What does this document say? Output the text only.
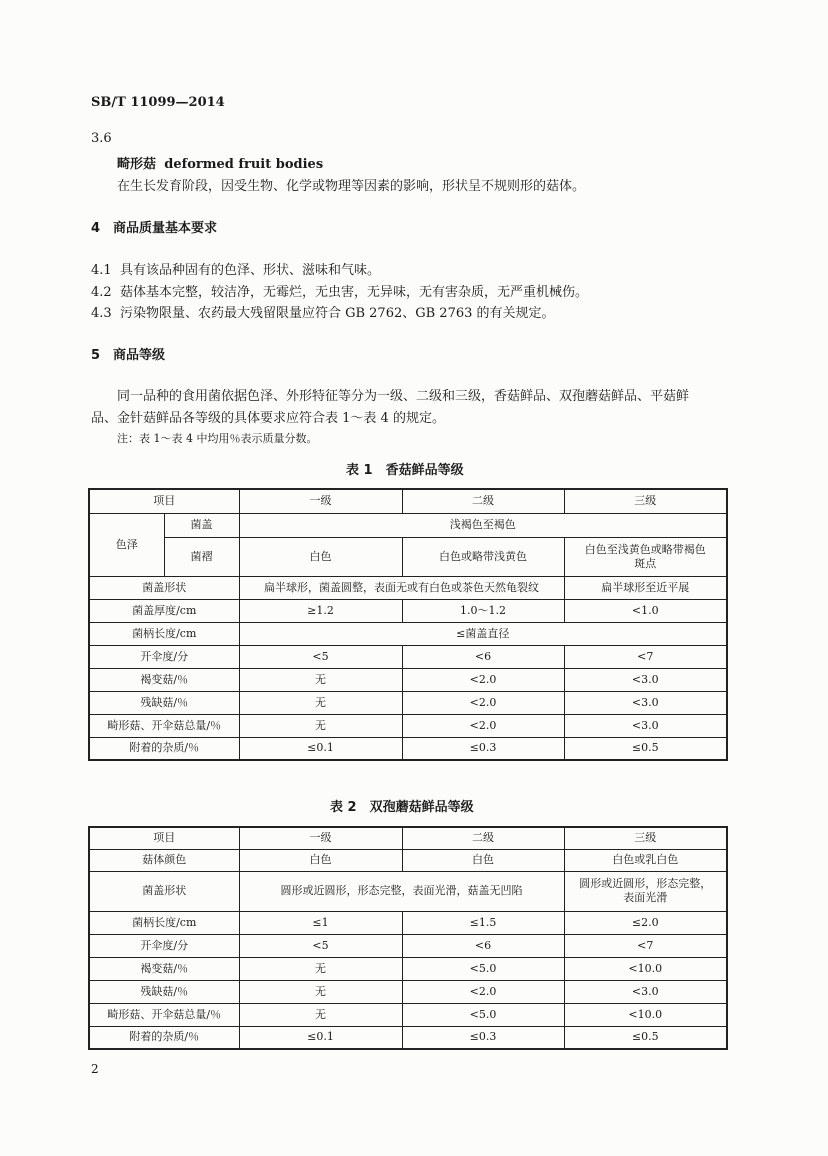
SB/T 11099—2014
3.6
畸形菇 deformed fruit bodies
在生长发育阶段，因受生物、化学或物理等因素的影响，形状呈不规则形的菇体。
4　商品质量基本要求
4.1 具有该品种固有的色泽、形状、滋味和气味。
4.2 菇体基本完整，较洁净，无霉烂，无虫害，无异味，无有害杂质，无严重机械伤。
4.3 污染物限量、农药最大残留限量应符合 GB 2762、GB 2763 的有关规定。
5　商品等级
同一品种的食用菌依据色泽、外形特征等分为一级、二级和三级，香菇鲜品、双孢蘑菇鲜品、平菇鲜
品、金针菇鲜品各等级的具体要求应符合表 1～表 4 的规定。
注：表 1～表 4 中均用％表示质量分数。
表 1　香菇鲜品等级
项目		一级	二级	三级
色泽	菌盖	浅褐色至褐色		
	菌褶	白色	白色或略带浅黄色	白色至浅黄色或略带褐色斑点
菌盖形状		扁半球形，菌盖圆整，表面无或有白色或茶色天然龟裂纹		扁半球形至近平展
菌盖厚度/cm		≥1.2	1.0～1.2	<1.0
菌柄长度/cm		≤菌盖直径		
开伞度/分		<5	<6	<7
褐变菇/％		无	<2.0	<3.0
残缺菇/％		无	<2.0	<3.0
畸形菇、开伞菇总量/％		无	<2.0	<3.0
附着的杂质/％		≤0.1	≤0.3	≤0.5
表 2　双孢蘑菇鲜品等级
项目	一级	二级	三级
菇体颜色	白色	白色	白色或乳白色
菌盖形状	圆形或近圆形，形态完整，表面光滑，菇盖无凹陷		圆形或近圆形，形态完整，表面光滑
菌柄长度/cm	≤1	≤1.5	≤2.0
开伞度/分	<5	<6	<7
褐变菇/％	无	<5.0	<10.0
残缺菇/％	无	<2.0	<3.0
畸形菇、开伞菇总量/％	无	<5.0	<10.0
附着的杂质/％	≤0.1	≤0.3	≤0.5
2
